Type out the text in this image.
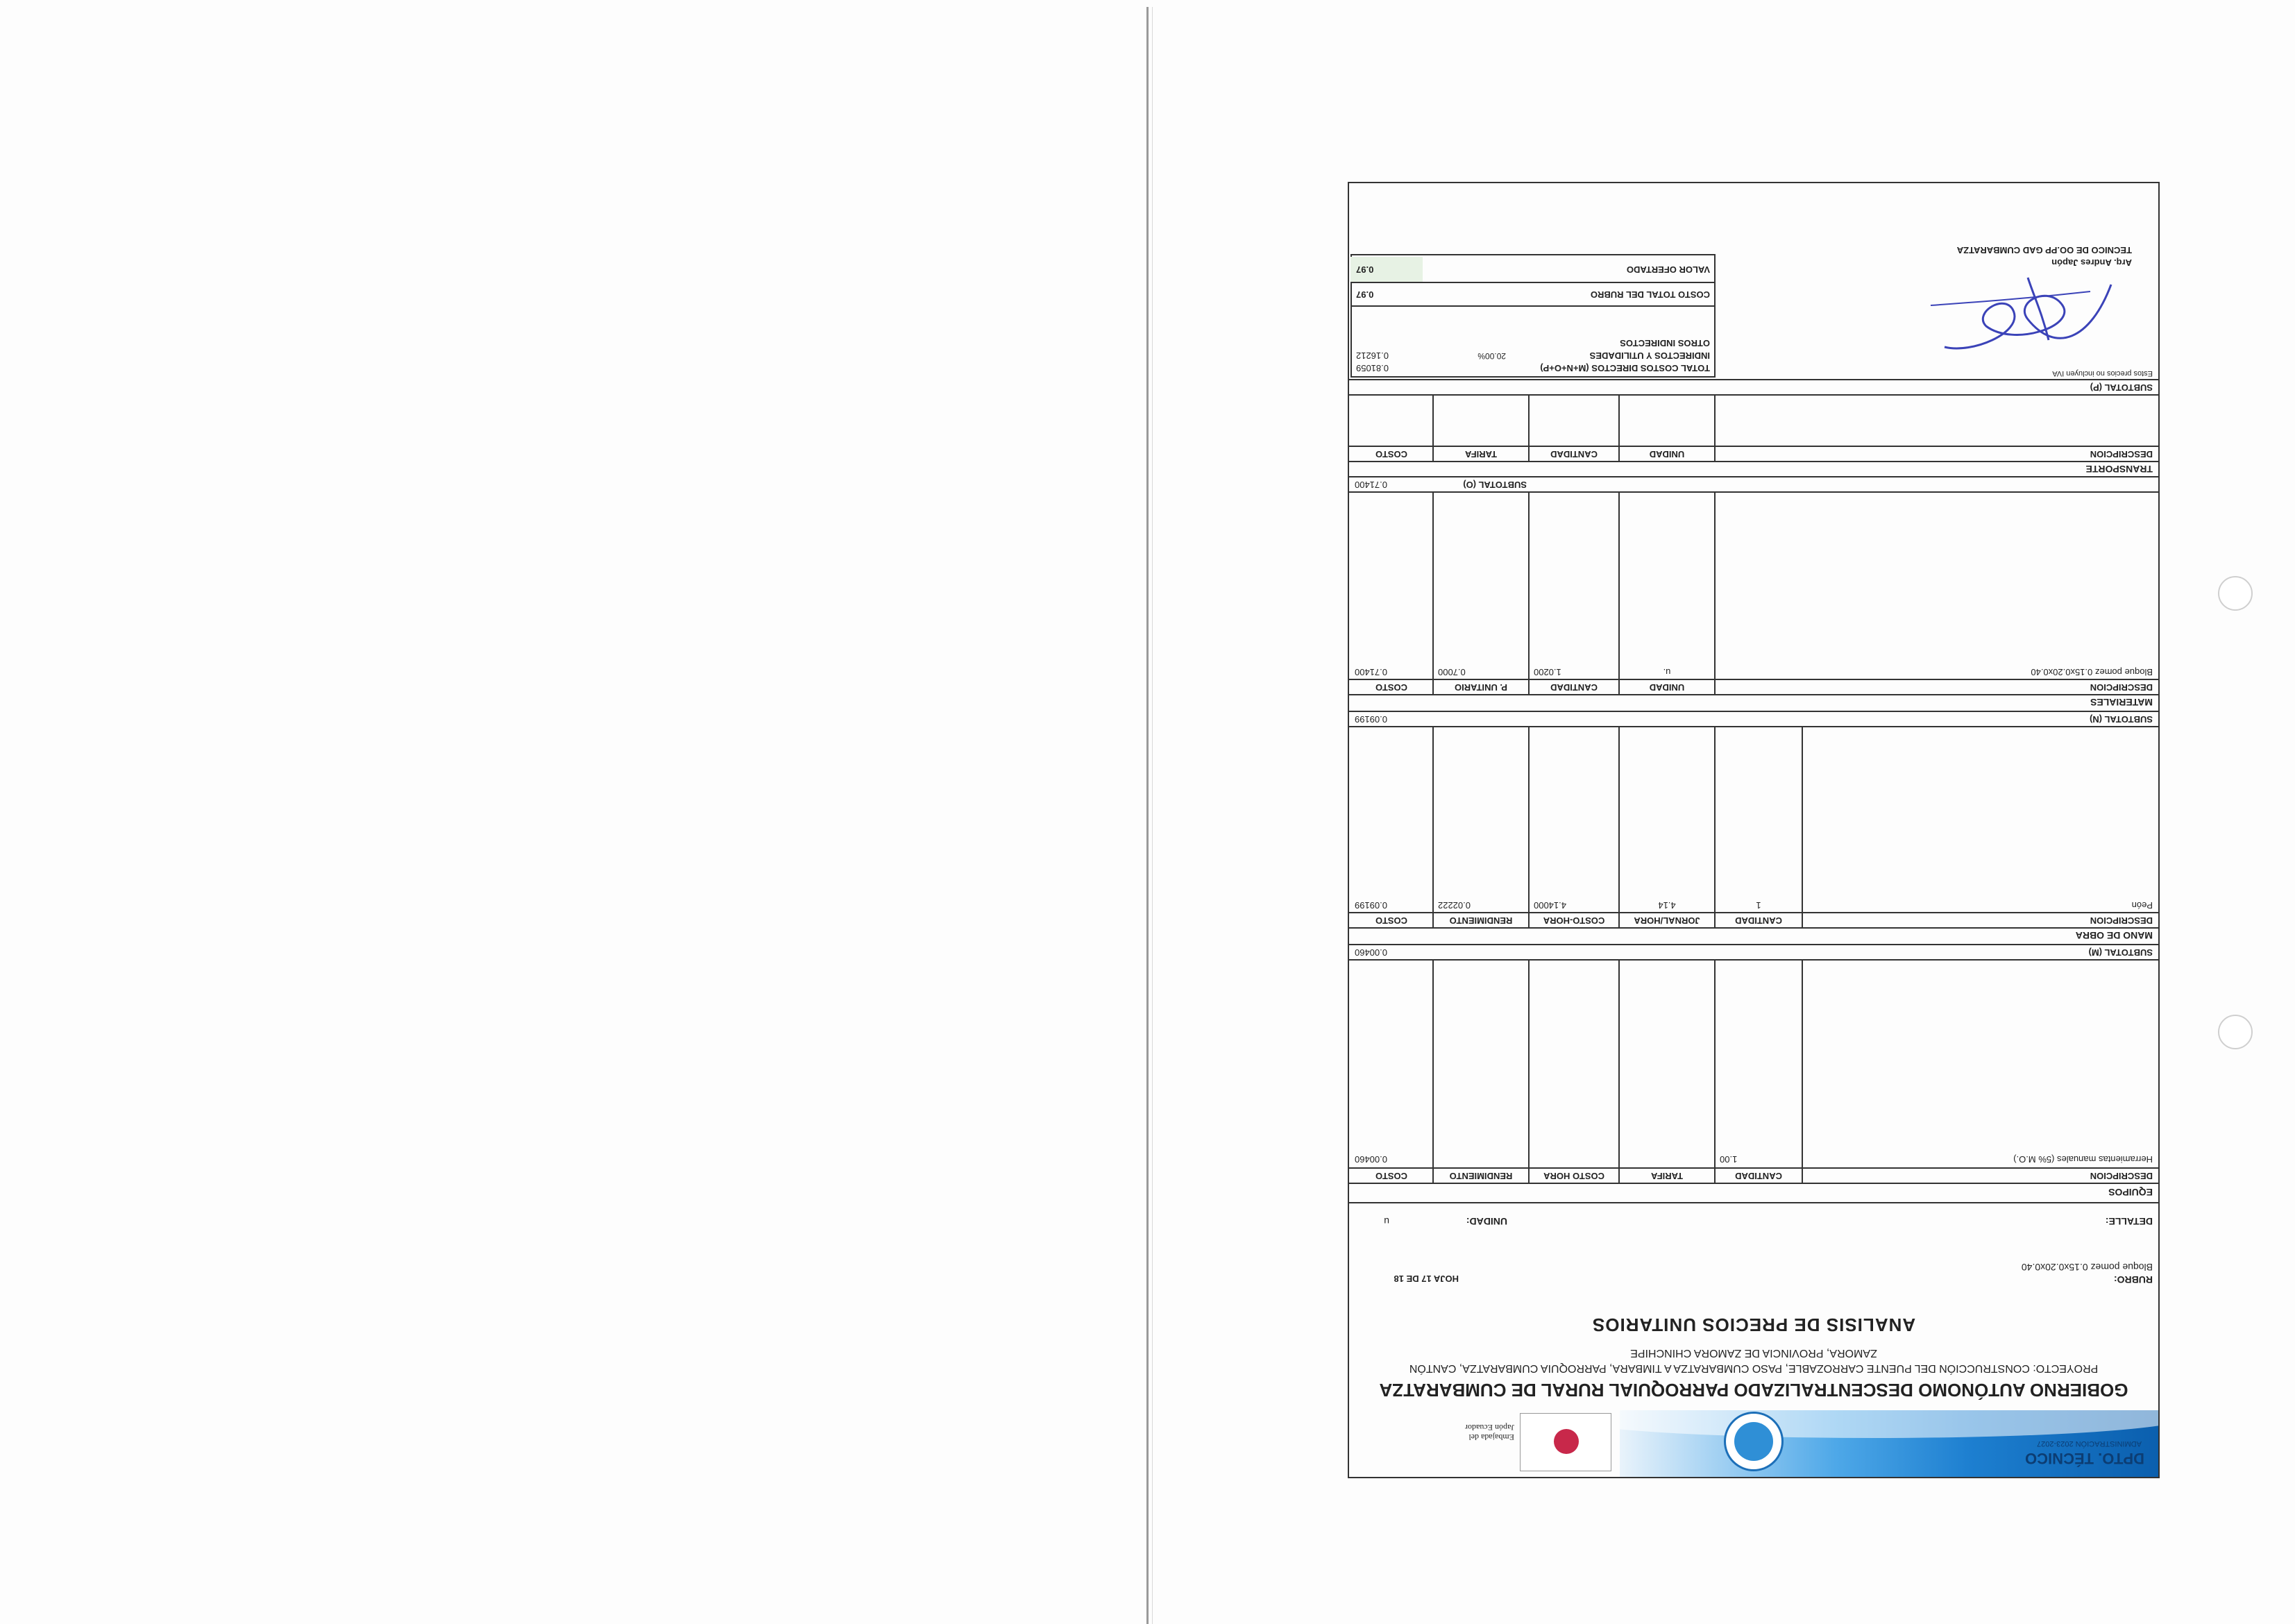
DPTO. TÉCNICO
ADMINISTRACIÓN 2023-2027
Embajada del Japón Ecuador
GOBIERNO AUTÓNOMO DESCENTRALIZADO PARROQUIAL RURAL DE CUMBARATZA
PROYECTO: CONSTRUCCIÓN DEL PUENTE CARROZABLE, PASO CUMBARATZA A TIMBARA, PARROQUIA CUMBARATZA, CANTÓN
ZAMORA, PROVINCIA DE ZAMORA CHINCHIPE
ANALISIS DE PRECIOS UNITARIOS
RUBRO:
Bloque pomez 0.15x0.20x0.40
HOJA 17 DE 18
DETALLE:
UNIDAD:
u
EQUIPOS
DESCRIPCION
CANTIDAD
TARIFA
COSTO HORA
RENDIMIENTO
COSTO
Herramientas manuales (5% M.O.)
1.00
0.00460
SUBTOTAL (M)
0.00460
MANO DE OBRA
DESCRIPCION
CANTIDAD
JORNAL/HORA
COSTO-HORA
RENDIMIENTO
COSTO
Peón
1
4.14
4.14000
0.02222
0.09199
SUBTOTAL (N)
0.09199
MATERIALES
DESCRIPCION
UNIDAD
CANTIDAD
P. UNITARIO
COSTO
Bloque pomez 0.15x0.20x0.40
u.
1.0200
0.7000
0.71400
SUBTOTAL (O)
0.71400
TRANSPORTE
DESCRIPCION
UNIDAD
CANTIDAD
TARIFA
COSTO
SUBTOTAL (P)
Estos precios no incluyen IVA
TOTAL COSTOS DIRECTOS (M+N+O+P)
0.81059
INDIRECTOS Y UTILIDADES
20.00%
0.16212
OTROS INDIRECTOS
COSTO TOTAL DEL RUBRO
0.97
VALOR OFERTADO
0.97
Arq. Andres Japón
TECNICO DE OO.PP GAD CUMBARATZA
